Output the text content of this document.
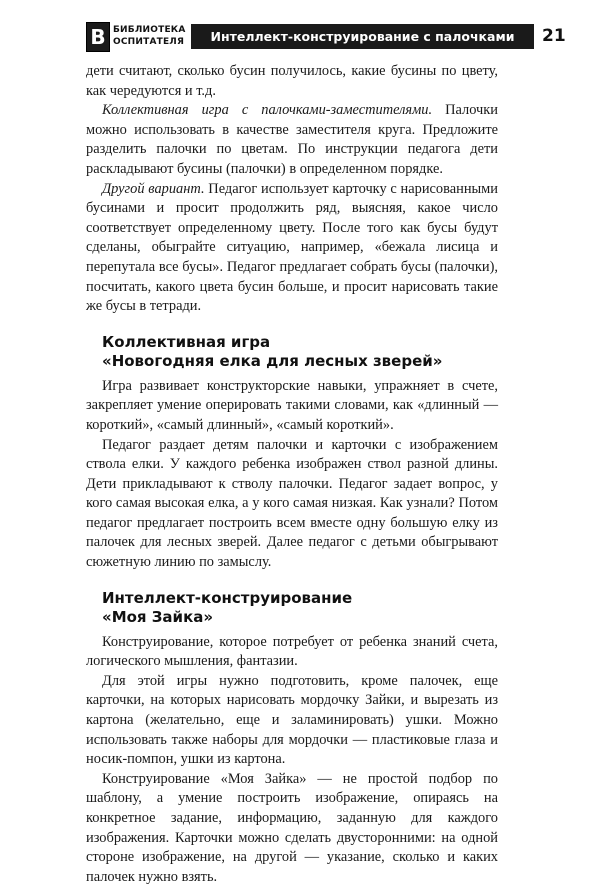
В БИБЛИОТЕКА
ОСПИТАТЕЛЯ	Интеллект-конструирование с палочками	21

дети считают, сколько бусин получилось, какие бусины по цвету, как чередуются и т.д.

Коллективная игра с палочками-заместителями. Палочки можно использовать в качестве заместителя круга. Предложите разделить палочки по цветам. По инструкции педагога дети раскладывают бусины (палочки) в определенном порядке.

Другой вариант. Педагог использует карточку с нарисованными бусинами и просит продолжить ряд, выясняя, какое число соответствует определенному цвету. После того как бусы будут сделаны, обыграйте ситуацию, например, «бежала лисица и перепутала все бусы». Педагог предлагает собрать бусы (палочки), посчитать, какого цвета бусин больше, и просит нарисовать такие же бусы в тетради.

Коллективная игра
«Новогодняя елка для лесных зверей»

Игра развивает конструкторские навыки, упражняет в счете, закрепляет умение оперировать такими словами, как «длинный — короткий», «самый длинный», «самый короткий».

Педагог раздает детям палочки и карточки с изображением ствола елки. У каждого ребенка изображен ствол разной длины. Дети прикладывают к стволу палочки. Педагог задает вопрос, у кого самая высокая елка, а у кого самая низкая. Как узнали? Потом педагог предлагает построить всем вместе одну большую елку из палочек для лесных зверей. Далее педагог с детьми обыгрывают сюжетную линию по замыслу.

Интеллект-конструирование
«Моя Зайка»

Конструирование, которое потребует от ребенка знаний счета, логического мышления, фантазии.

Для этой игры нужно подготовить, кроме палочек, еще карточки, на которых нарисовать мордочку Зайки, и вырезать из картона (желательно, еще и заламинировать) ушки. Можно использовать также наборы для мордочки — пластиковые глаза и носик-помпон, ушки из картона.

Конструирование «Моя Зайка» — не простой подбор по шаблону, а умение построить изображение, опираясь на конкретное задание, информацию, заданную для каждого изображения. Карточки можно сделать двусторонними: на одной стороне изображение, на другой — указание, сколько и каких палочек нужно взять.
